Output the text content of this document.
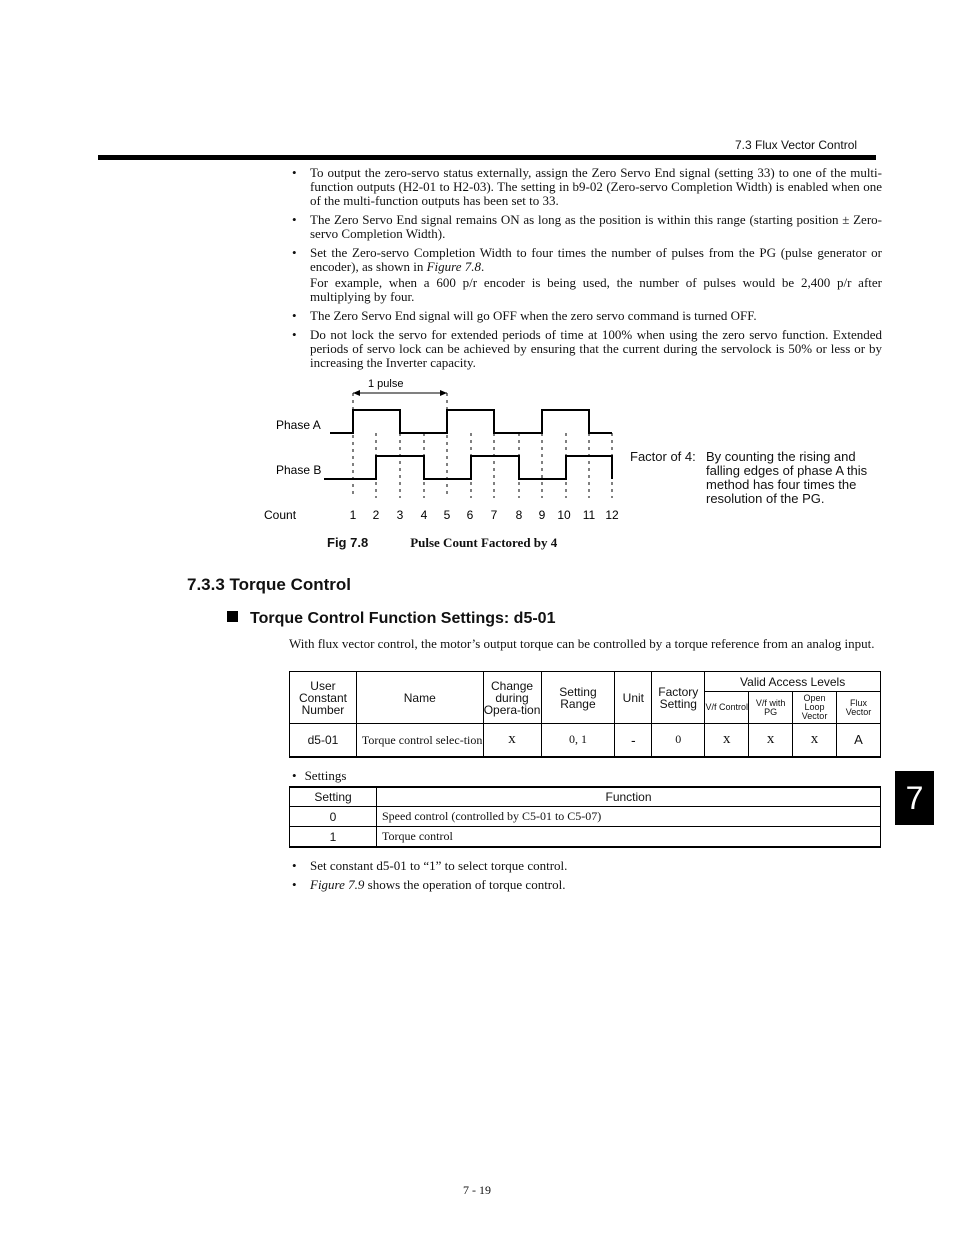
7.3 Flux Vector Control
• To output the zero-servo status externally, assign the Zero Servo End signal (setting 33) to one of the multi-function outputs (H2-01 to H2-03). The setting in b9-02 (Zero-servo Completion Width) is enabled when one of the multi-function outputs has been set to 33.
• The Zero Servo End signal remains ON as long as the position is within this range (starting position ± Zero-servo Completion Width).
• Set the Zero-servo Completion Width to four times the number of pulses from the PG (pulse generator or encoder), as shown in Figure 7.8.
For example, when a 600 p/r encoder is being used, the number of pulses would be 2,400 p/r after multiplying by four.
• The Zero Servo End signal will go OFF when the zero servo command is turned OFF.
• Do not lock the servo for extended periods of time at 100% when using the zero servo function. Extended periods of servo lock can be achieved by ensuring that the current during the servolock is 50% or less or by increasing the Inverter capacity.
1 pulse
Phase A
Phase B
Count	1 2 3 4 5 6 7 8 9 10 11 12
Factor of 4: By counting the rising and falling edges of phase A this method has four times the resolution of the PG.
Fig 7.8	Pulse Count Factored by 4
7.3.3 Torque Control
Torque Control Function Settings: d5-01
With flux vector control, the motor’s output torque can be controlled by a torque reference from an analog input.
User Constant Number	Name	Change during Opera-tion	Setting Range	Unit	Factory Setting	Valid Access Levels			
						V/f Control	V/f with PG	Open Loop Vector	Flux Vector
d5-01	Torque control selec-tion	x	0, 1	-	0	x	x	x	A
• Settings
Setting	Function
0	Speed control (controlled by C5-01 to C5-07)
1	Torque control
• Set constant d5-01 to “1” to select torque control.
• Figure 7.9 shows the operation of torque control.
7
7 - 19
